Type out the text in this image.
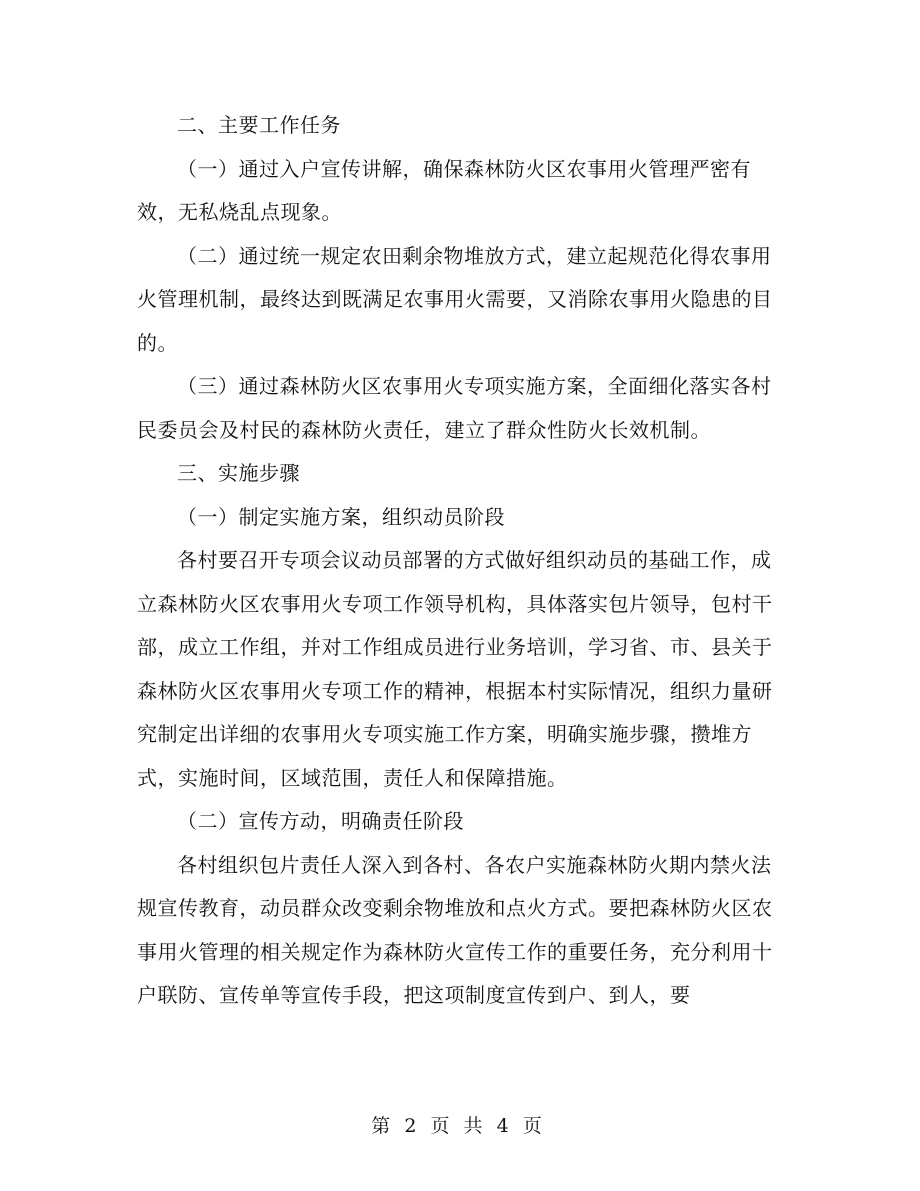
二、主要工作任务

（一）通过入户宣传讲解，确保森林防火区农事用火管理严密有效，无私烧乱点现象。

（二）通过统一规定农田剩余物堆放方式，建立起规范化得农事用火管理机制，最终达到既满足农事用火需要，又消除农事用火隐患的目的。

（三）通过森林防火区农事用火专项实施方案，全面细化落实各村民委员会及村民的森林防火责任，建立了群众性防火长效机制。

三、实施步骤

（一）制定实施方案，组织动员阶段

各村要召开专项会议动员部署的方式做好组织动员的基础工作，成立森林防火区农事用火专项工作领导机构，具体落实包片领导，包村干部，成立工作组，并对工作组成员进行业务培训，学习省、市、县关于森林防火区农事用火专项工作的精神，根据本村实际情况，组织力量研究制定出详细的农事用火专项实施工作方案，明确实施步骤，攒堆方式，实施时间，区域范围，责任人和保障措施。

（二）宣传方动，明确责任阶段

各村组织包片责任人深入到各村、各农户实施森林防火期内禁火法规宣传教育，动员群众改变剩余物堆放和点火方式。要把森林防火区农事用火管理的相关规定作为森林防火宣传工作的重要任务，充分利用十户联防、宣传单等宣传手段，把这项制度宣传到户、到人，要

第 2 页 共 4 页
